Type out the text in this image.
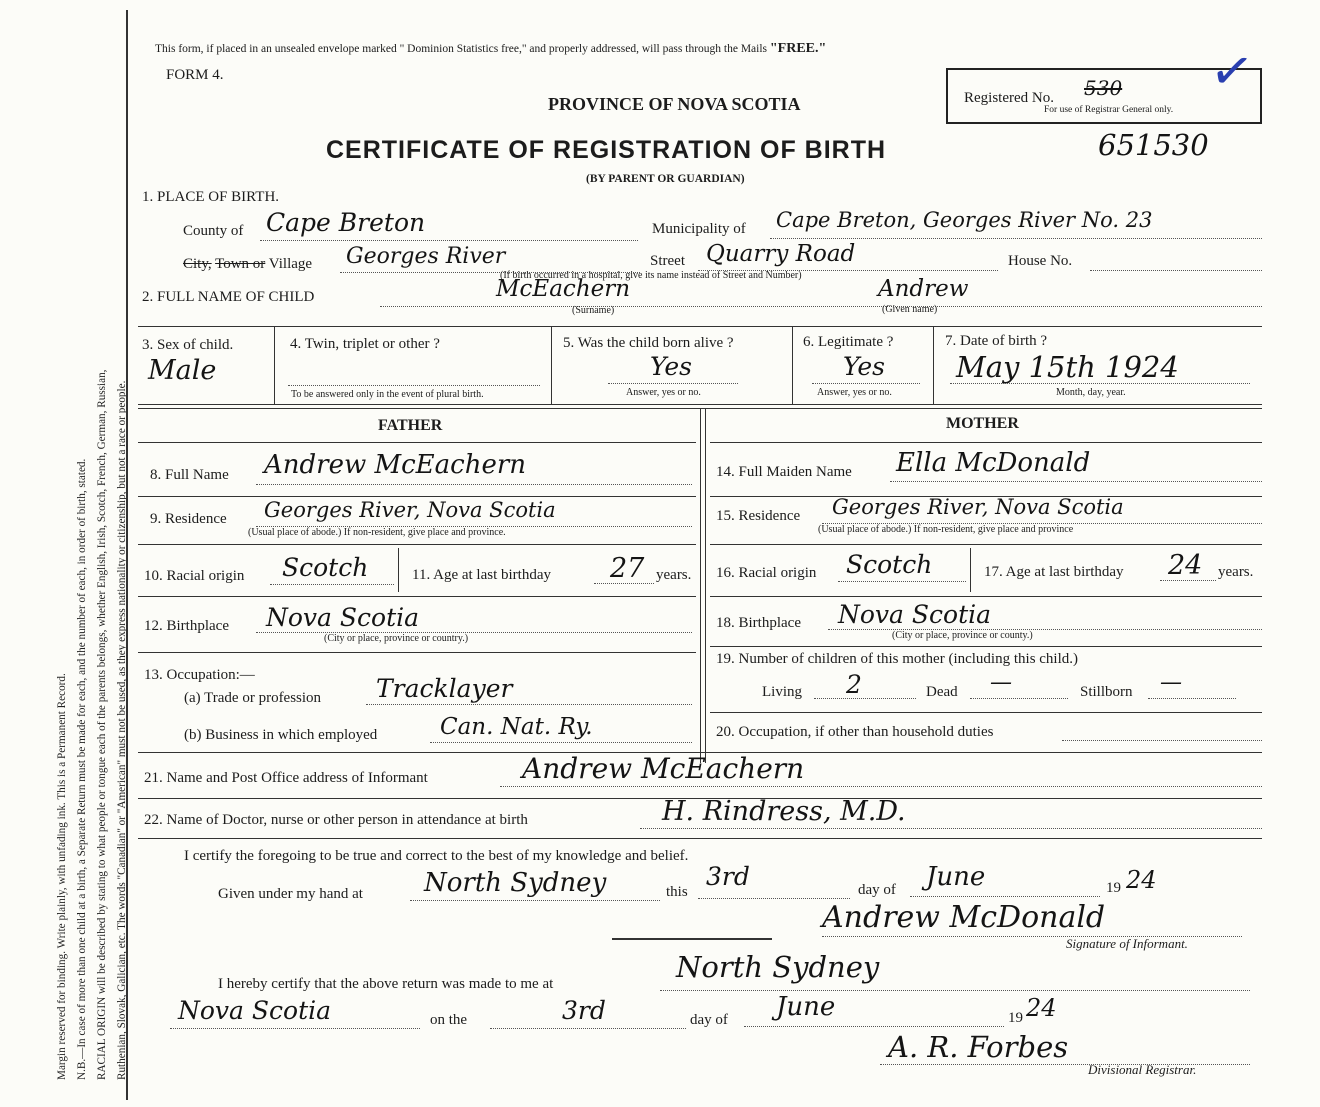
Margin reserved for binding. Write plainly, with unfading ink. This is a Permanent Record. N.B.—In case of more than one child at a birth, a Separate Return must be made for each, and the number of each, in order of birth, stated. RACIAL ORIGIN will be described by stating to what people or tongue each of the parents belongs, whether English, Irish, Scotch, French, German, Russian, Ruthenian, Slovak, Galician, etc. The words "Canadian" or "American" must not be used, as they express nationality or citizenship, but not a race or people.
This form, if placed in an unsealed envelope marked " Dominion Statistics free," and properly addressed, will pass through the Mails "FREE."
FORM 4.
PROVINCE OF NOVA SCOTIA
CERTIFICATE OF REGISTRATION OF BIRTH	651530
(BY PARENT OR GUARDIAN)
Registered No. 530
For use of Registrar General only.
✓
1. PLACE OF BIRTH.
County of Cape Breton	Municipality of Cape Breton, Georges River No. 23
City, Town or Village Georges River	Street Quarry Road	House No.
(If birth occurred in a hospital, give its name instead of Street and Number)
2. FULL NAME OF CHILD	McEachern	Andrew
(Surname)	(Given name)
3. Sex of child.
Male
4. Twin, triplet or other ?
To be answered only in the event of plural birth.
5. Was the child born alive ?
Yes
Answer, yes or no.
6. Legitimate ?
Yes
Answer, yes or no.
7. Date of birth ?
May 15th 1924
Month, day, year.
FATHER	MOTHER
8. Full Name Andrew McEachern
9. Residence Georges River, Nova Scotia
(Usual place of abode.) If non-resident, give place and province.
10. Racial origin Scotch	11. Age at last birthday 27 years.
12. Birthplace Nova Scotia
(City or place, province or country.)
13. Occupation:—
(a) Trade or profession Tracklayer
(b) Business in which employed	Can. Nat. Ry.
14. Full Maiden Name Ella McDonald
15. Residence Georges River, Nova Scotia
(Usual place of abode.) If non-resident, give place and province
16. Racial origin Scotch	17. Age at last birthday 24 years.
18. Birthplace Nova Scotia
(City or place, province or county.)
19. Number of children of this mother (including this child.)
Living 2	Dead —	Stillborn —
20. Occupation, if other than household duties
21. Name and Post Office address of Informant	Andrew McEachern
22. Name of Doctor, nurse or other person in attendance at birth	H. Rindress, M.D.
I certify the foregoing to be true and correct to the best of my knowledge and belief.
Given under my hand at North Sydney	this
3rd	day of June	19 24
Andrew McDonald
Signature of Informant.
I hereby certify that the above return was made to me at	North Sydney
Nova Scotia	on the	3rd	day of June	19 24
A. R. Forbes
Divisional Registrar.
